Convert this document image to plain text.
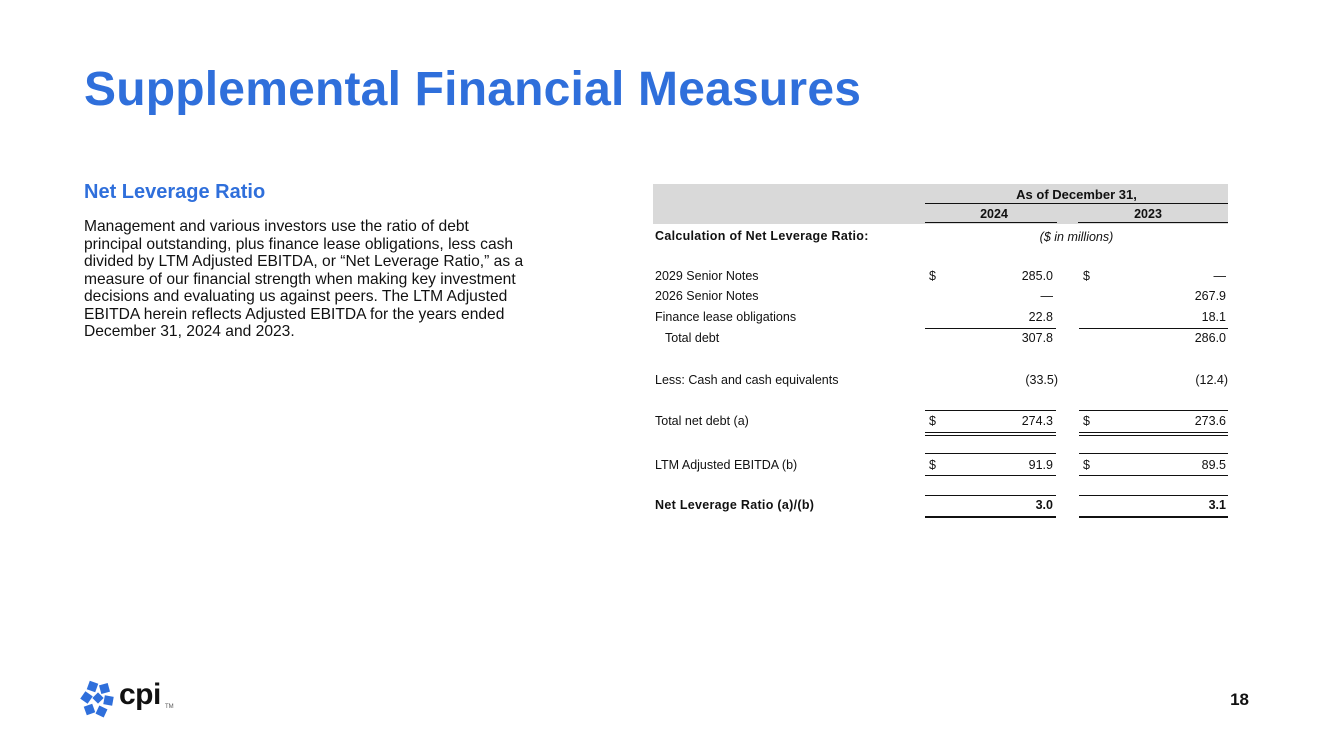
Supplemental Financial Measures
Net Leverage Ratio

Management and various investors use the ratio of debt principal outstanding, plus finance lease obligations, less cash divided by LTM Adjusted EBITDA, or “Net Leverage Ratio,” as a measure of our financial strength when making key investment decisions and evaluating us against peers. The LTM Adjusted EBITDA herein reflects Adjusted EBITDA for the years ended December 31, 2024 and 2023.

As of December 31,
2024	2023
Calculation of Net Leverage Ratio:	($ in millions)
2029 Senior Notes	$	285.0 $	—
2026 Senior Notes	—	267.9
Finance lease obligations	22.8	18.1
Total debt	307.8	286.0
Less: Cash and cash equivalents	(33.5)	(12.4)
Total net debt (a)	$	274.3 $	273.6
LTM Adjusted EBITDA (b)	$	91.9 $	89.5
Net Leverage Ratio (a)/(b)	3.0	3.1
cpi TM	18
